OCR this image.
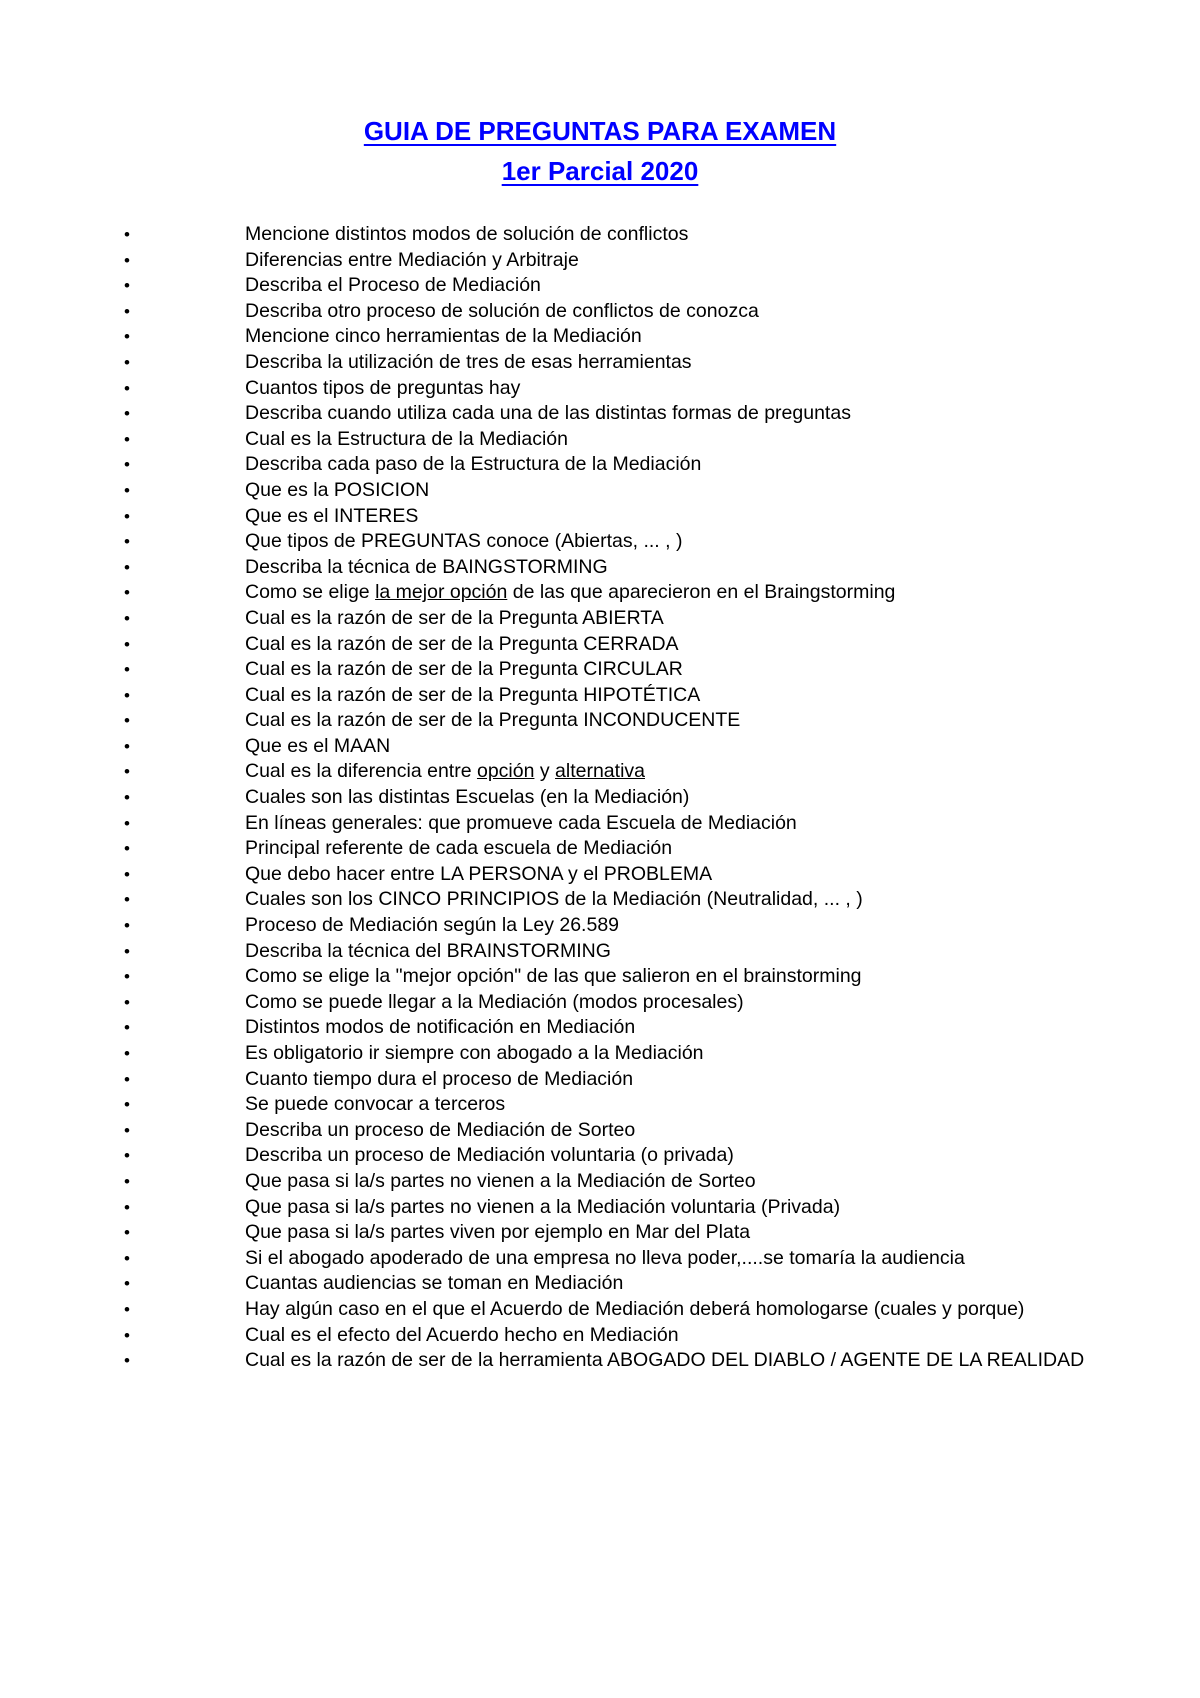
GUIA DE PREGUNTAS PARA EXAMEN
1er Parcial 2020
•	Mencione distintos modos de solución de conflictos
•	Diferencias entre Mediación y Arbitraje
•	Describa el Proceso de Mediación
•	Describa otro proceso de solución de conflictos de conozca
•	Mencione cinco herramientas de la Mediación
•	Describa la utilización de tres de esas herramientas
•	Cuantos tipos de preguntas hay
•	Describa cuando utiliza cada una de las distintas formas de preguntas
•	Cual es la Estructura de la Mediación
•	Describa cada paso de la Estructura de la Mediación
•	Que es la POSICION
•	Que es el INTERES
•	Que tipos de PREGUNTAS conoce (Abiertas, ... , )
•	Describa la técnica de BAINGSTORMING
•	Como se elige la mejor opción de las que aparecieron en el Braingstorming
•	Cual es la razón de ser de la Pregunta ABIERTA
•	Cual es la razón de ser de la Pregunta CERRADA
•	Cual es la razón de ser de la Pregunta CIRCULAR
•	Cual es la razón de ser de la Pregunta HIPOTÉTICA
•	Cual es la razón de ser de la Pregunta INCONDUCENTE
•	Que es el MAAN
•	Cual es la diferencia entre opción y alternativa
•	Cuales son las distintas Escuelas (en la Mediación)
•	En líneas generales: que promueve cada Escuela de Mediación
•	Principal referente de cada escuela de Mediación
•	Que debo hacer entre LA PERSONA y el PROBLEMA
•	Cuales son los CINCO PRINCIPIOS de la Mediación (Neutralidad, ... , )
•	Proceso de Mediación según la Ley 26.589
•	Describa la técnica del BRAINSTORMING
•	Como se elige la "mejor opción" de las que salieron en el brainstorming
•	Como se puede llegar a la Mediación (modos procesales)
•	Distintos modos de notificación en Mediación
•	Es obligatorio ir siempre con abogado a la Mediación
•	Cuanto tiempo dura el proceso de Mediación
•	Se puede convocar a terceros
•	Describa un proceso de Mediación de Sorteo
•	Describa un proceso de Mediación voluntaria (o privada)
•	Que pasa si la/s partes no vienen a la Mediación de Sorteo
•	Que pasa si la/s partes no vienen a la Mediación voluntaria (Privada)
•	Que pasa si la/s partes viven por ejemplo en Mar del Plata
•	Si el abogado apoderado de una empresa no lleva poder,....se tomaría la audiencia
•	Cuantas audiencias se toman en Mediación
•	Hay algún caso en el que el Acuerdo de Mediación deberá homologarse (cuales y porque)
•	Cual es el efecto del Acuerdo hecho en Mediación
•	Cual es la razón de ser de la herramienta ABOGADO DEL DIABLO / AGENTE DE LA REALIDAD
